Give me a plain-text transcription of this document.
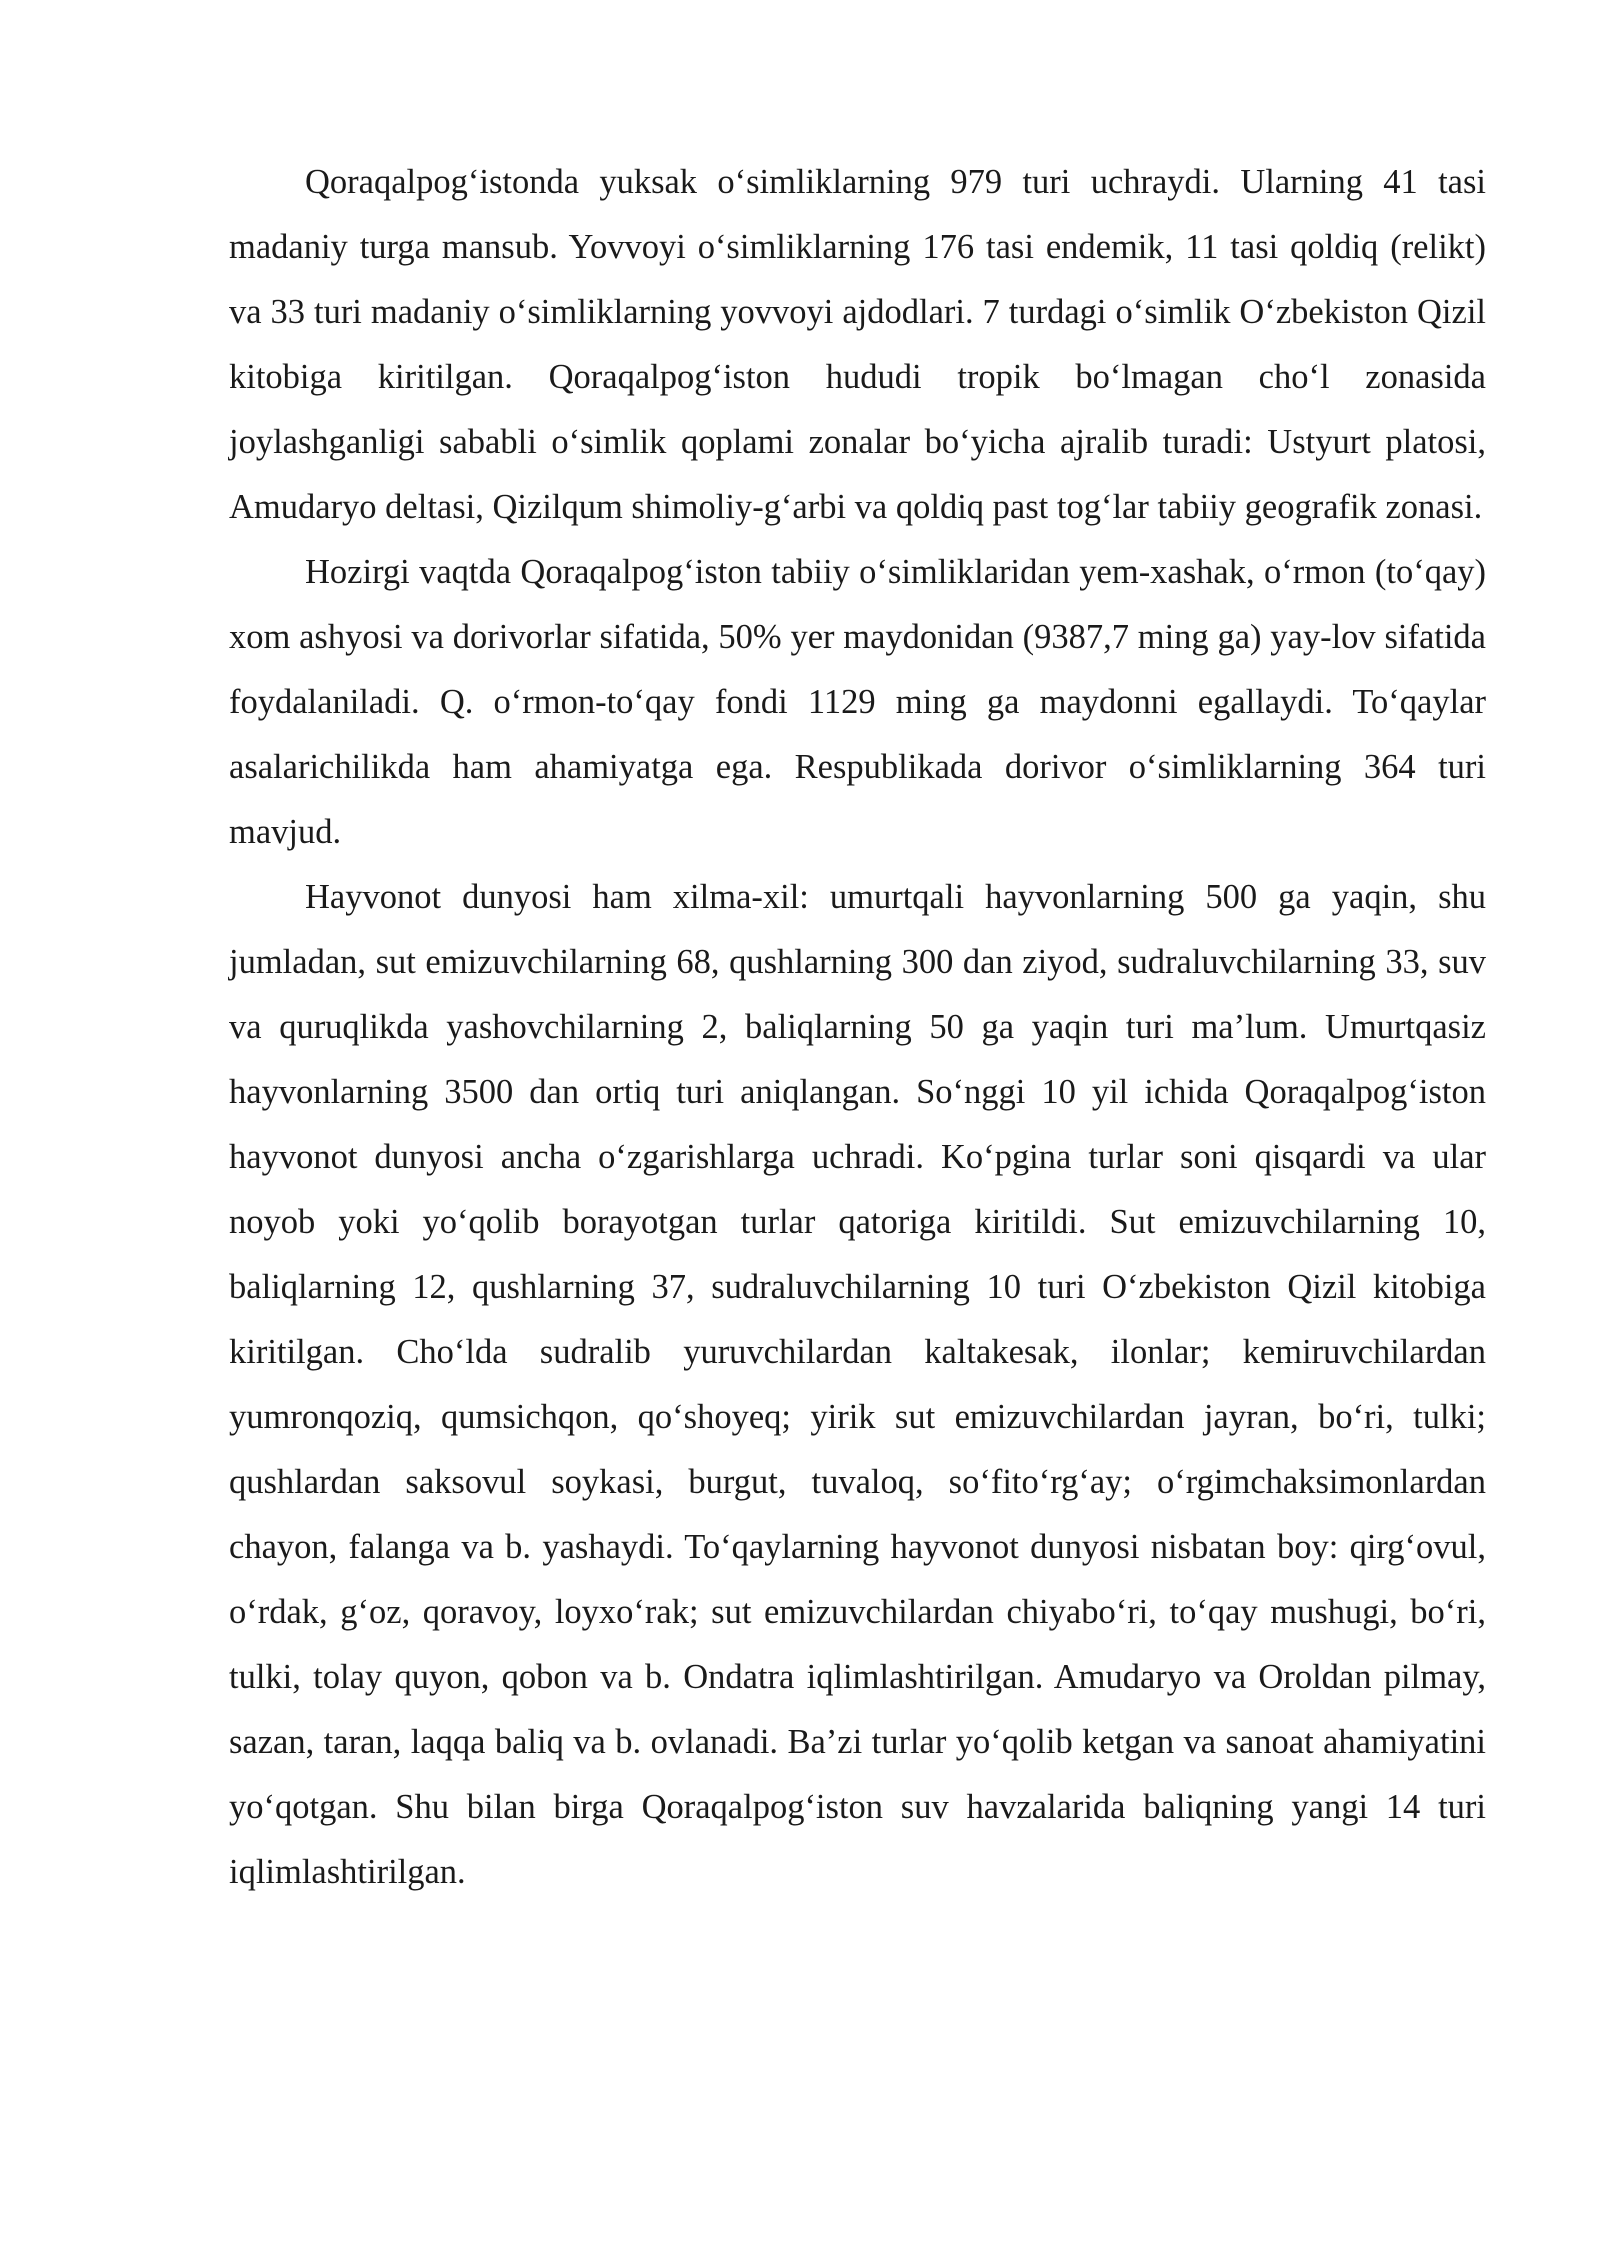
Qoraqalpog‘istonda yuksak o‘simliklarning 979 turi uchraydi. Ularning 41 tasi madaniy turga mansub. Yovvoyi o‘simliklarning 176 tasi endemik, 11 tasi qoldiq (relikt) va 33 turi madaniy o‘simliklarning yovvoyi ajdodlari. 7 turdagi o‘simlik O‘zbekiston Qizil kitobiga kiritilgan. Qoraqalpog‘iston hududi tropik bo‘lmagan cho‘l zonasida joylashganligi sababli o‘simlik qoplami zonalar bo‘yicha ajralib turadi: Ustyurt platosi, Amudaryo deltasi, Qizilqum shimoliy-g‘arbi va qoldiq past tog‘lar tabiiy geografik zonasi.

Hozirgi vaqtda Qoraqalpog‘iston tabiiy o‘simliklaridan yem-xashak, o‘rmon (to‘qay) xom ashyosi va dorivorlar sifatida, 50% yer maydonidan (9387,7 ming ga) yay-lov sifatida foydalaniladi. Q. o‘rmon-to‘qay fondi 1129 ming ga maydonni egallaydi. To‘qaylar asalarichilikda ham ahamiyatga ega. Respublikada dorivor o‘simliklarning 364 turi mavjud.

Hayvonot dunyosi ham xilma-xil: umurtqali hayvonlarning 500 ga yaqin, shu jumladan, sut emizuvchilarning 68, qushlarning 300 dan ziyod, sudraluvchilarning 33, suv va quruqlikda yashovchilarning 2, baliqlarning 50 ga yaqin turi ma’lum. Umurtqasiz hayvonlarning 3500 dan ortiq turi aniqlangan. So‘nggi 10 yil ichida Qoraqalpog‘iston hayvonot dunyosi ancha o‘zgarishlarga uchradi. Ko‘pgina turlar soni qisqardi va ular noyob yoki yo‘qolib borayotgan turlar qatoriga kiritildi. Sut emizuvchilarning 10, baliqlarning 12, qushlarning 37, sudraluvchilarning 10 turi O‘zbekiston Qizil kitobiga kiritilgan. Cho‘lda sudralib yuruvchilardan kaltakesak, ilonlar; kemiruvchilardan yumronqoziq, qumsichqon, qo‘shoyeq; yirik sut emizuvchilardan jayran, bo‘ri, tulki; qushlardan saksovul soykasi, burgut, tuvaloq, so‘fito‘rg‘ay; o‘rgimchaksimonlardan chayon, falanga va b. yashaydi. To‘qaylarning hayvonot dunyosi nisbatan boy: qirg‘ovul, o‘rdak, g‘oz, qoravoy, loyxo‘rak; sut emizuvchilardan chiyabo‘ri, to‘qay mushugi, bo‘ri, tulki, tolay quyon, qobon va b. Ondatra iqlimlashtirilgan. Amudaryo va Oroldan pilmay, sazan, taran, laqqa baliq va b. ovlanadi. Ba’zi turlar yo‘qolib ketgan va sanoat ahamiyatini yo‘qotgan. Shu bilan birga Qoraqalpog‘iston suv havzalarida baliqning yangi 14 turi iqlimlashtirilgan.
